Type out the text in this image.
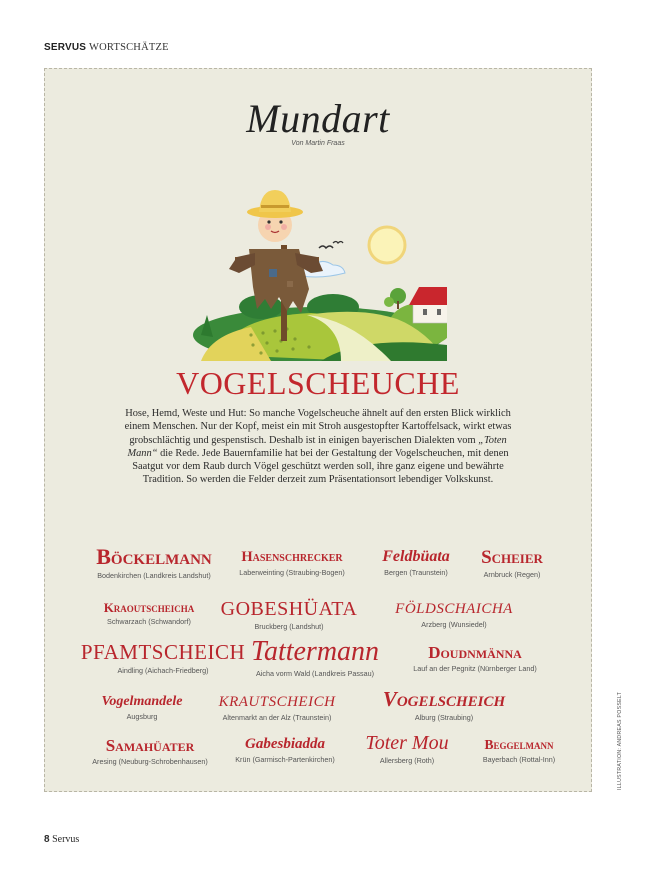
SERVUS WORTSCHÄTZE
Mundart
Von Martin Fraas
VOGELSCHEUCHE
Hose, Hemd, Weste und Hut: So manche Vogelscheuche ähnelt auf den ersten Blick wirklich einem Menschen. Nur der Kopf, meist ein mit Stroh ausgestopfter Kartoffelsack, wirkt etwas grobschlächtig und gespenstisch. Deshalb ist in einigen bayerischen Dialekten vom „Toten Mann“ die Rede. Jede Bauernfamilie hat bei der Gestaltung der Vogelscheuchen, mit denen Saatgut vor dem Raub durch Vögel geschützt werden soll, ihre ganz eigene und bewährte Tradition. So werden die Felder derzeit zum Präsentationsort lebendiger Volkskunst.
Böckelmann
Bodenkirchen (Landkreis Landshut)
Hasenschrecker
Laberweinting (Straubing-Bogen)
Feldbüata
Bergen (Traunstein)
Scheier
Arnbruck (Regen)
Kraoutscheicha
Schwarzach (Schwandorf)
GOBESHÜATA
Bruckberg (Landshut)
FÖLDSCHAICHA
Arzberg (Wunsiedel)
PFAMTSCHEICH
Aindling (Aichach-Friedberg)
Tattermann
Aicha vorm Wald (Landkreis Passau)
Doudnmänna
Lauf an der Pegnitz (Nürnberger Land)
Vogelmandele
Augsburg
KRAUTSCHEICH
Altenmarkt an der Alz (Traunstein)
Vogelscheich
Alburg (Straubing)
Samahüater
Aresing (Neuburg-Schrobenhausen)
Gabesbiadda
Krün (Garmisch-Partenkirchen)
Toter Mou
Allersberg (Roth)
Beggelmann
Bayerbach (Rottal-Inn)	ILLUSTRATION: ANDREAS POSSELT
8 Servus
